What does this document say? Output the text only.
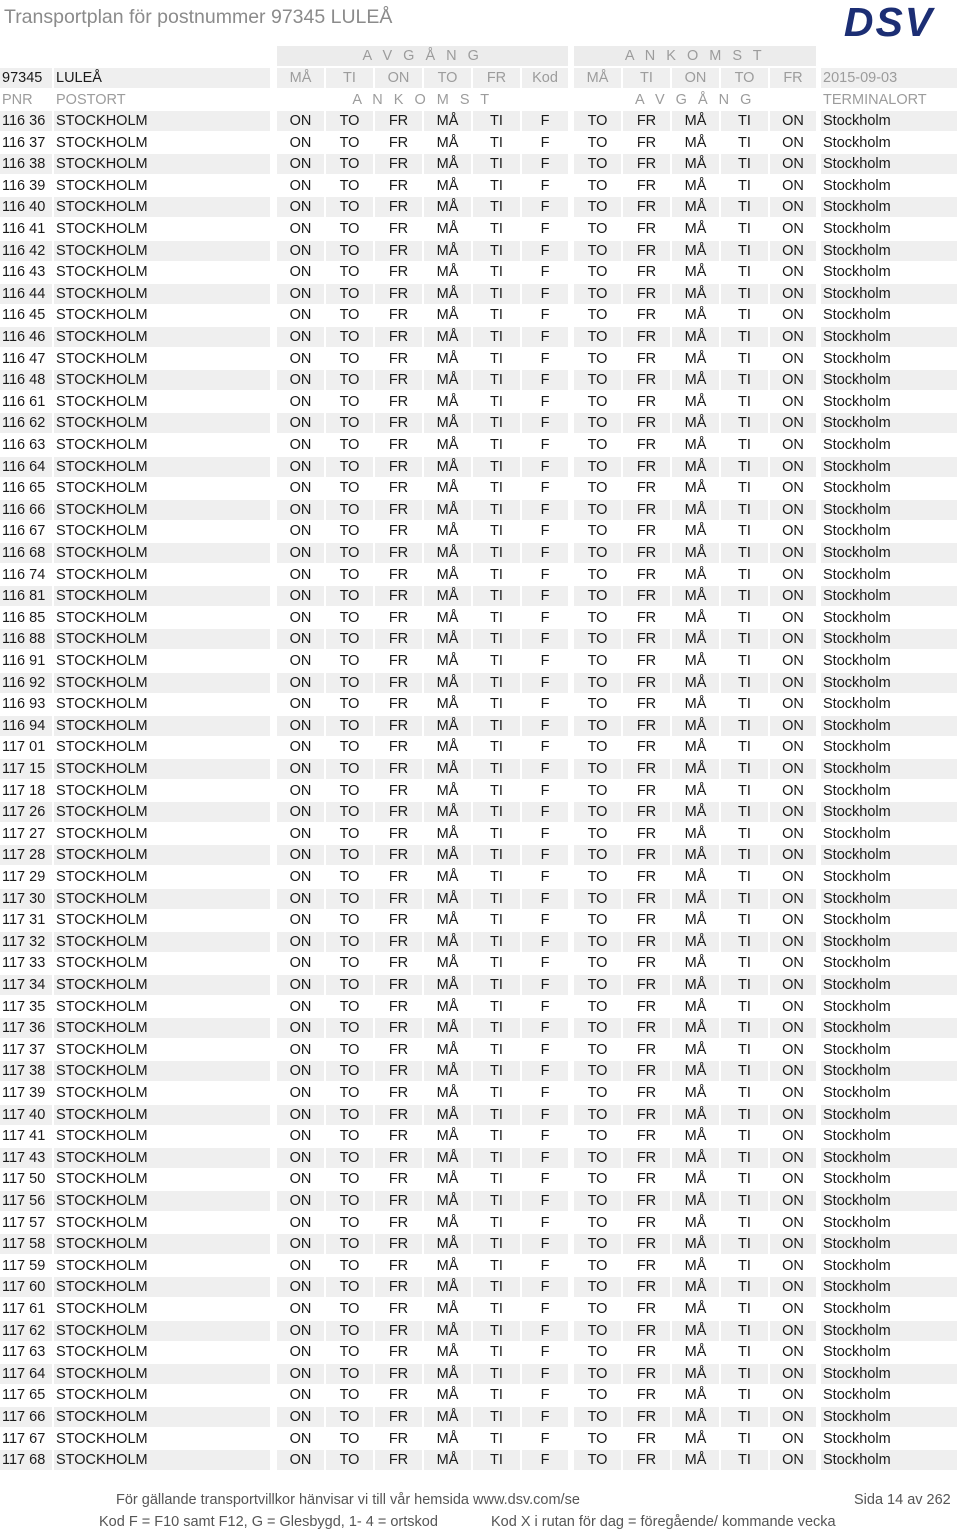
Transportplan för postnummer 97345 LULEÅ	DSV
A V G Å N G	A N K O M S T
97345 LULEÅ	MÅ	TI	ON	TO	FR	Kod	MÅ	TI	ON	TO	FR	2015-09-03
PNR	POSTORT	A N K O M S T	A V G Å N G	TERMINALORT
116 36 STOCKHOLM	ON	TO	FR	MÅ	TI	F	TO	FR	MÅ	TI	ON	Stockholm
116 37 STOCKHOLM	ON	TO	FR	MÅ	TI	F	TO	FR	MÅ	TI	ON	Stockholm
116 38 STOCKHOLM	ON	TO	FR	MÅ	TI	F	TO	FR	MÅ	TI	ON	Stockholm
116 39 STOCKHOLM	ON	TO	FR	MÅ	TI	F	TO	FR	MÅ	TI	ON	Stockholm
116 40 STOCKHOLM	ON	TO	FR	MÅ	TI	F	TO	FR	MÅ	TI	ON	Stockholm
116 41 STOCKHOLM	ON	TO	FR	MÅ	TI	F	TO	FR	MÅ	TI	ON	Stockholm
116 42 STOCKHOLM	ON	TO	FR	MÅ	TI	F	TO	FR	MÅ	TI	ON	Stockholm
116 43 STOCKHOLM	ON	TO	FR	MÅ	TI	F	TO	FR	MÅ	TI	ON	Stockholm
116 44 STOCKHOLM	ON	TO	FR	MÅ	TI	F	TO	FR	MÅ	TI	ON	Stockholm
116 45 STOCKHOLM	ON	TO	FR	MÅ	TI	F	TO	FR	MÅ	TI	ON	Stockholm
116 46 STOCKHOLM	ON	TO	FR	MÅ	TI	F	TO	FR	MÅ	TI	ON	Stockholm
116 47 STOCKHOLM	ON	TO	FR	MÅ	TI	F	TO	FR	MÅ	TI	ON	Stockholm
116 48 STOCKHOLM	ON	TO	FR	MÅ	TI	F	TO	FR	MÅ	TI	ON	Stockholm
116 61 STOCKHOLM	ON	TO	FR	MÅ	TI	F	TO	FR	MÅ	TI	ON	Stockholm
116 62 STOCKHOLM	ON	TO	FR	MÅ	TI	F	TO	FR	MÅ	TI	ON	Stockholm
116 63 STOCKHOLM	ON	TO	FR	MÅ	TI	F	TO	FR	MÅ	TI	ON	Stockholm
116 64 STOCKHOLM	ON	TO	FR	MÅ	TI	F	TO	FR	MÅ	TI	ON	Stockholm
116 65 STOCKHOLM	ON	TO	FR	MÅ	TI	F	TO	FR	MÅ	TI	ON	Stockholm
116 66 STOCKHOLM	ON	TO	FR	MÅ	TI	F	TO	FR	MÅ	TI	ON	Stockholm
116 67 STOCKHOLM	ON	TO	FR	MÅ	TI	F	TO	FR	MÅ	TI	ON	Stockholm
116 68 STOCKHOLM	ON	TO	FR	MÅ	TI	F	TO	FR	MÅ	TI	ON	Stockholm
116 74 STOCKHOLM	ON	TO	FR	MÅ	TI	F	TO	FR	MÅ	TI	ON	Stockholm
116 81 STOCKHOLM	ON	TO	FR	MÅ	TI	F	TO	FR	MÅ	TI	ON	Stockholm
116 85 STOCKHOLM	ON	TO	FR	MÅ	TI	F	TO	FR	MÅ	TI	ON	Stockholm
116 88 STOCKHOLM	ON	TO	FR	MÅ	TI	F	TO	FR	MÅ	TI	ON	Stockholm
116 91 STOCKHOLM	ON	TO	FR	MÅ	TI	F	TO	FR	MÅ	TI	ON	Stockholm
116 92 STOCKHOLM	ON	TO	FR	MÅ	TI	F	TO	FR	MÅ	TI	ON	Stockholm
116 93 STOCKHOLM	ON	TO	FR	MÅ	TI	F	TO	FR	MÅ	TI	ON	Stockholm
116 94 STOCKHOLM	ON	TO	FR	MÅ	TI	F	TO	FR	MÅ	TI	ON	Stockholm
117 01 STOCKHOLM	ON	TO	FR	MÅ	TI	F	TO	FR	MÅ	TI	ON	Stockholm
117 15 STOCKHOLM	ON	TO	FR	MÅ	TI	F	TO	FR	MÅ	TI	ON	Stockholm
117 18 STOCKHOLM	ON	TO	FR	MÅ	TI	F	TO	FR	MÅ	TI	ON	Stockholm
117 26 STOCKHOLM	ON	TO	FR	MÅ	TI	F	TO	FR	MÅ	TI	ON	Stockholm
117 27 STOCKHOLM	ON	TO	FR	MÅ	TI	F	TO	FR	MÅ	TI	ON	Stockholm
117 28 STOCKHOLM	ON	TO	FR	MÅ	TI	F	TO	FR	MÅ	TI	ON	Stockholm
117 29 STOCKHOLM	ON	TO	FR	MÅ	TI	F	TO	FR	MÅ	TI	ON	Stockholm
117 30 STOCKHOLM	ON	TO	FR	MÅ	TI	F	TO	FR	MÅ	TI	ON	Stockholm
117 31 STOCKHOLM	ON	TO	FR	MÅ	TI	F	TO	FR	MÅ	TI	ON	Stockholm
117 32 STOCKHOLM	ON	TO	FR	MÅ	TI	F	TO	FR	MÅ	TI	ON	Stockholm
117 33 STOCKHOLM	ON	TO	FR	MÅ	TI	F	TO	FR	MÅ	TI	ON	Stockholm
117 34 STOCKHOLM	ON	TO	FR	MÅ	TI	F	TO	FR	MÅ	TI	ON	Stockholm
117 35 STOCKHOLM	ON	TO	FR	MÅ	TI	F	TO	FR	MÅ	TI	ON	Stockholm
117 36 STOCKHOLM	ON	TO	FR	MÅ	TI	F	TO	FR	MÅ	TI	ON	Stockholm
117 37 STOCKHOLM	ON	TO	FR	MÅ	TI	F	TO	FR	MÅ	TI	ON	Stockholm
117 38 STOCKHOLM	ON	TO	FR	MÅ	TI	F	TO	FR	MÅ	TI	ON	Stockholm
117 39 STOCKHOLM	ON	TO	FR	MÅ	TI	F	TO	FR	MÅ	TI	ON	Stockholm
117 40 STOCKHOLM	ON	TO	FR	MÅ	TI	F	TO	FR	MÅ	TI	ON	Stockholm
117 41 STOCKHOLM	ON	TO	FR	MÅ	TI	F	TO	FR	MÅ	TI	ON	Stockholm
117 43 STOCKHOLM	ON	TO	FR	MÅ	TI	F	TO	FR	MÅ	TI	ON	Stockholm
117 50 STOCKHOLM	ON	TO	FR	MÅ	TI	F	TO	FR	MÅ	TI	ON	Stockholm
117 56 STOCKHOLM	ON	TO	FR	MÅ	TI	F	TO	FR	MÅ	TI	ON	Stockholm
117 57 STOCKHOLM	ON	TO	FR	MÅ	TI	F	TO	FR	MÅ	TI	ON	Stockholm
117 58 STOCKHOLM	ON	TO	FR	MÅ	TI	F	TO	FR	MÅ	TI	ON	Stockholm
117 59 STOCKHOLM	ON	TO	FR	MÅ	TI	F	TO	FR	MÅ	TI	ON	Stockholm
117 60 STOCKHOLM	ON	TO	FR	MÅ	TI	F	TO	FR	MÅ	TI	ON	Stockholm
117 61 STOCKHOLM	ON	TO	FR	MÅ	TI	F	TO	FR	MÅ	TI	ON	Stockholm
117 62 STOCKHOLM	ON	TO	FR	MÅ	TI	F	TO	FR	MÅ	TI	ON	Stockholm
117 63 STOCKHOLM	ON	TO	FR	MÅ	TI	F	TO	FR	MÅ	TI	ON	Stockholm
117 64 STOCKHOLM	ON	TO	FR	MÅ	TI	F	TO	FR	MÅ	TI	ON	Stockholm
117 65 STOCKHOLM	ON	TO	FR	MÅ	TI	F	TO	FR	MÅ	TI	ON	Stockholm
117 66 STOCKHOLM	ON	TO	FR	MÅ	TI	F	TO	FR	MÅ	TI	ON	Stockholm
117 67 STOCKHOLM	ON	TO	FR	MÅ	TI	F	TO	FR	MÅ	TI	ON	Stockholm
117 68 STOCKHOLM	ON	TO	FR	MÅ	TI	F	TO	FR	MÅ	TI	ON	Stockholm
För gällande transportvillkor hänvisar vi till vår hemsida www.dsv.com/se	Sida 14 av 262
Kod F = F10 samt F12, G = Glesbygd, 1- 4 = ortskod	Kod X i rutan för dag = föregående/ kommande vecka
